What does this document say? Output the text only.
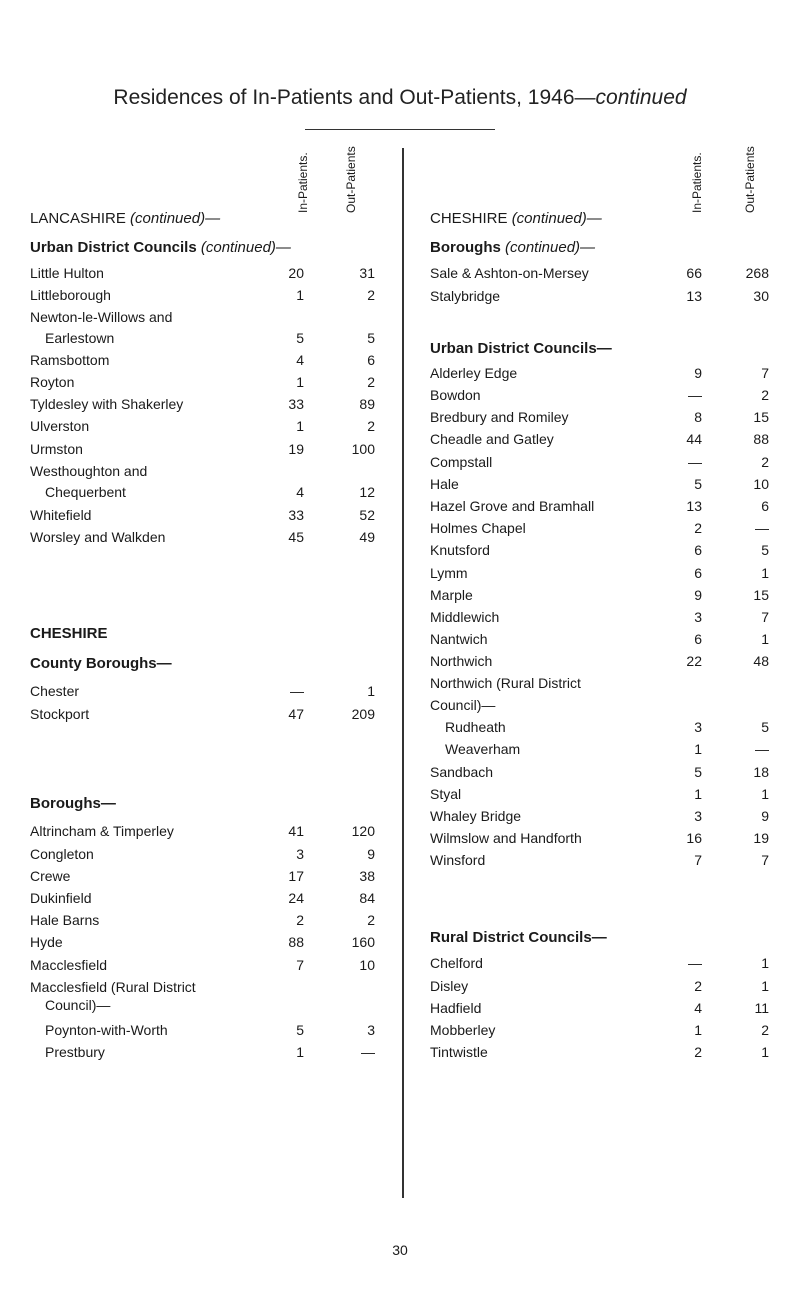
Residences of In-Patients and Out-Patients, 1946—continued
In-Patients.	Out-Patients
LANCASHIRE (continued)—
Urban District Councils (continued)—
Little Hulton	20	31
Littleborough	1	2
Newton-le-Willows and
Earlestown	5	5
Ramsbottom	4	6
Royton	1	2
Tyldesley with Shakerley	33	89
Ulverston	1	2
Urmston	19	100
Westhoughton and
Chequerbent	4	12
Whitefield	33	52
Worsley and Walkden	45	49
CHESHIRE
County Boroughs—
Chester	—	1
Stockport	47	209
Boroughs—
Altrincham & Timperley	41	120
Congleton	3	9
Crewe	17	38
Dukinfield	24	84
Hale Barns	2	2
Hyde	88	160
Macclesfield	7	10
Macclesfield (Rural District
Council)—
Poynton-with-Worth	5	3
Prestbury	1	—
In-Patients.	Out-Patients
CHESHIRE (continued)—
Boroughs (continued)—
Sale & Ashton-on-Mersey	66	268
Stalybridge	13	30
Urban District Councils—
Alderley Edge	9	7
Bowdon	—	2
Bredbury and Romiley	8	15
Cheadle and Gatley	44	88
Compstall	—	2
Hale	5	10
Hazel Grove and Bramhall	13	6
Holmes Chapel	2	—
Knutsford	6	5
Lymm	6	1
Marple	9	15
Middlewich	3	7
Nantwich	6	1
Northwich	22	48
Northwich (Rural District
Council)—
Rudheath	3	5
Weaverham	1	—
Sandbach	5	18
Styal	1	1
Whaley Bridge	3	9
Wilmslow and Handforth	16	19
Winsford	7	7
Rural District Councils—
Chelford	—	1
Disley	2	1
Hadfield	4	11
Mobberley	1	2
Tintwistle	2	1
30
